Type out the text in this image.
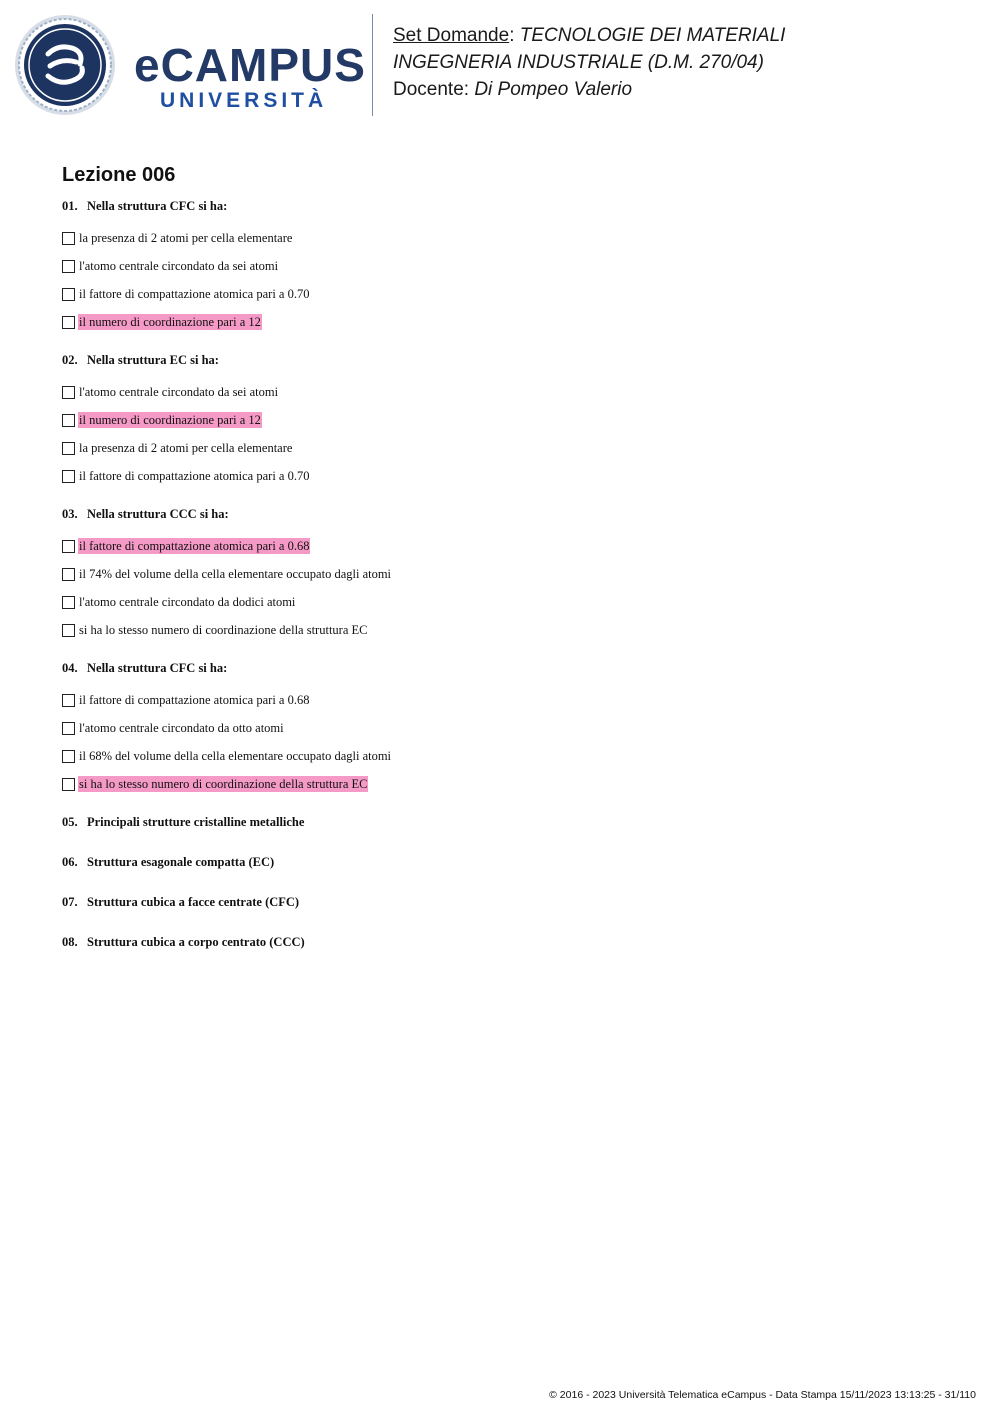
eCAMPUS
UNIVERSITÀ
Set Domande: TECNOLOGIE DEI MATERIALI
INGEGNERIA INDUSTRIALE (D.M. 270/04)
Docente: Di Pompeo Valerio
Lezione 006
01. Nella struttura CFC si ha:
la presenza di 2 atomi per cella elementare
l'atomo centrale circondato da sei atomi
il fattore di compattazione atomica pari a 0.70
il numero di coordinazione pari a 12
02. Nella struttura EC si ha:
l'atomo centrale circondato da sei atomi
il numero di coordinazione pari a 12
la presenza di 2 atomi per cella elementare
il fattore di compattazione atomica pari a 0.70
03. Nella struttura CCC si ha:
il fattore di compattazione atomica pari a 0.68
il 74% del volume della cella elementare occupato dagli atomi
l'atomo centrale circondato da dodici atomi
si ha lo stesso numero di coordinazione della struttura EC
04. Nella struttura CFC si ha:
il fattore di compattazione atomica pari a 0.68
l'atomo centrale circondato da otto atomi
il 68% del volume della cella elementare occupato dagli atomi
si ha lo stesso numero di coordinazione della struttura EC
05. Principali strutture cristalline metalliche
06. Struttura esagonale compatta (EC)
07. Struttura cubica a facce centrate (CFC)
08. Struttura cubica a corpo centrato (CCC)
© 2016 - 2023 Università Telematica eCampus - Data Stampa 15/11/2023 13:13:25 - 31/110
